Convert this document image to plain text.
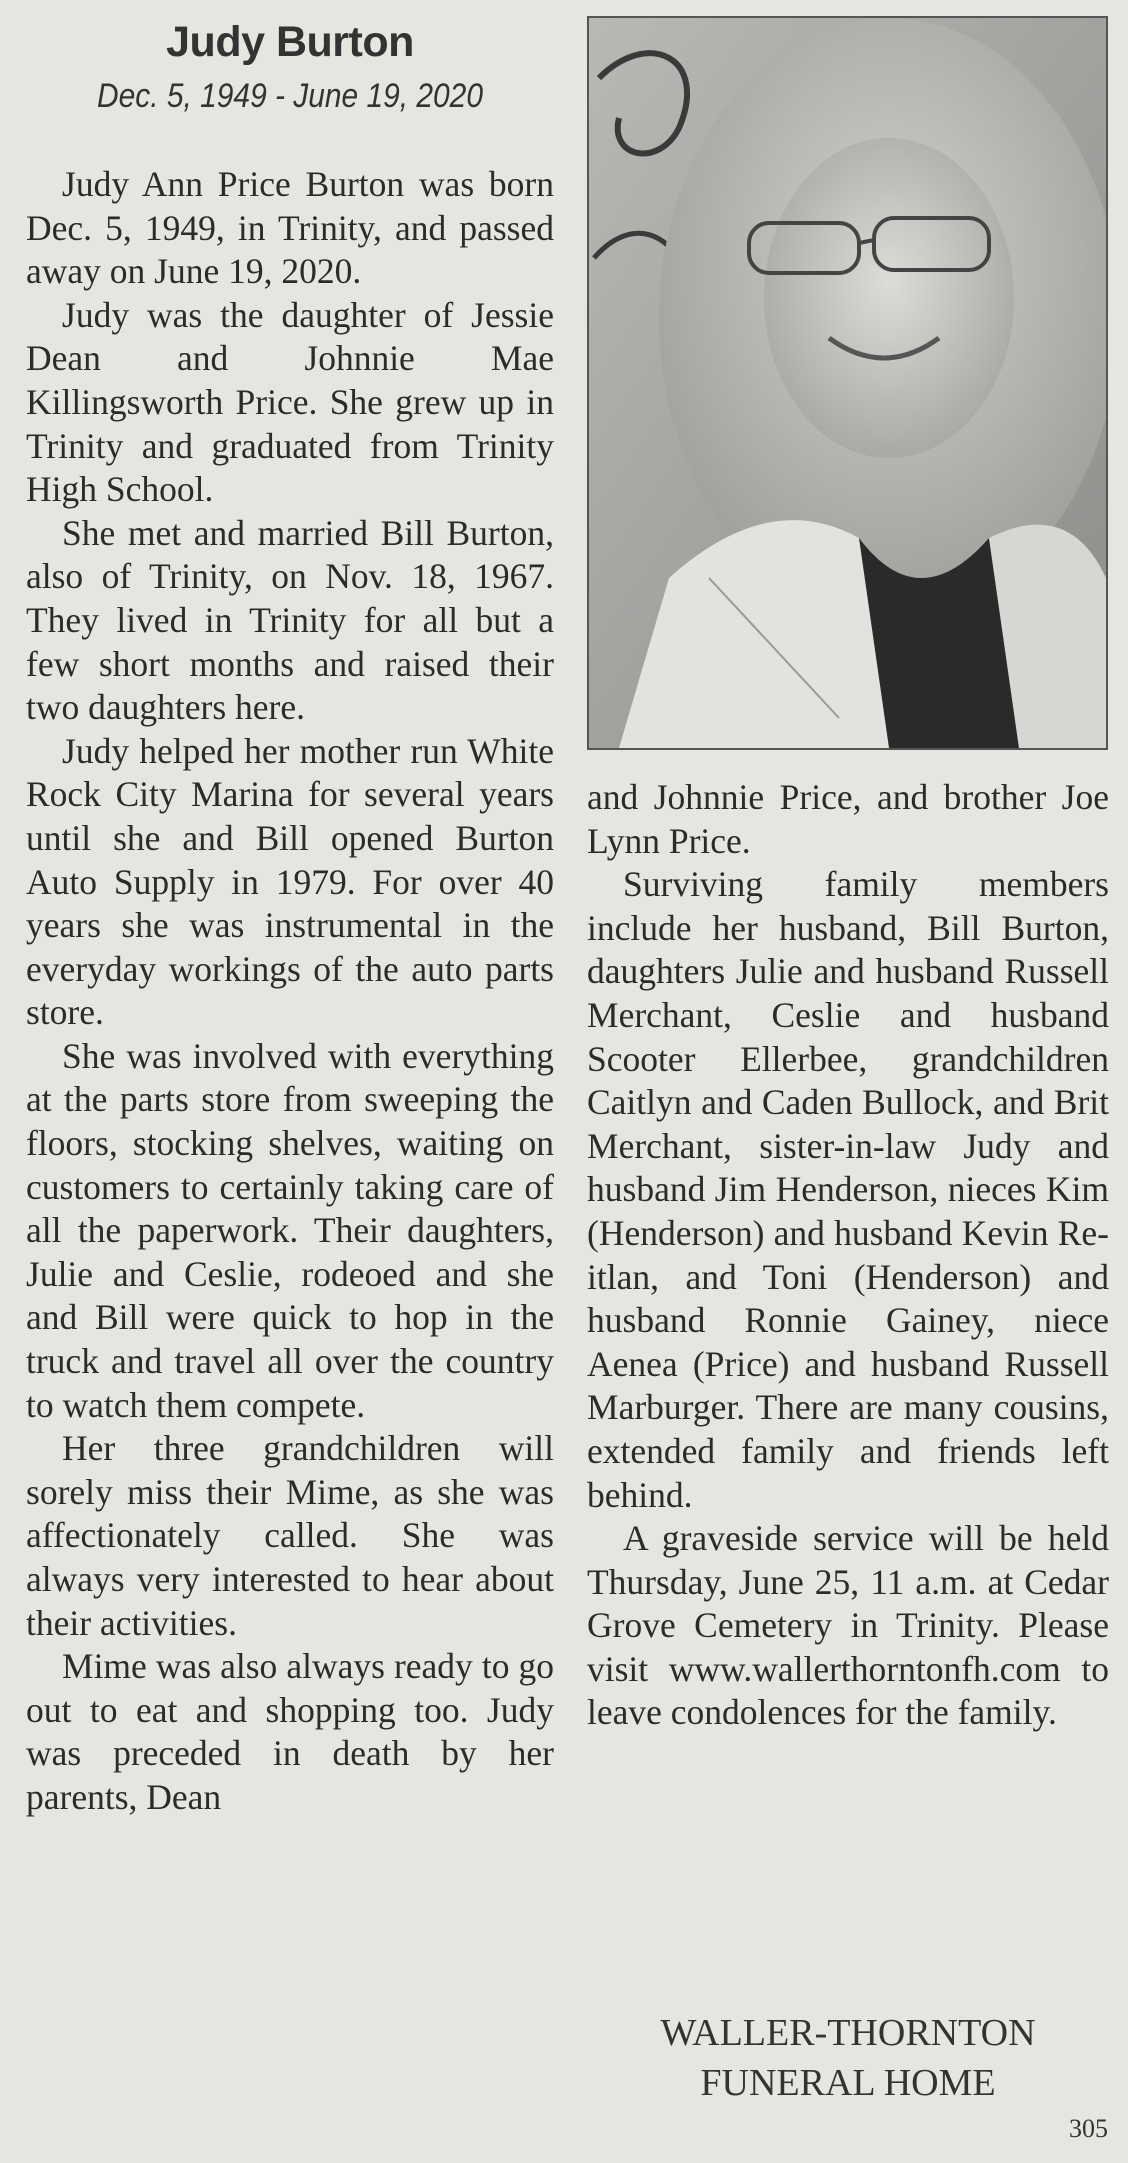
Judy Burton
Dec. 5, 1949 - June 19, 2020

Judy Ann Price Burton was born Dec. 5, 1949, in Trinity, and passed away on June 19, 2020.

Judy was the daughter of Jessie Dean and Johnnie Mae Killingsworth Price. She grew up in Trinity and graduated from Trinity High School.

She met and married Bill Burton, also of Trinity, on Nov. 18, 1967. They lived in Trinity for all but a few short months and raised their two daughters here.

Judy helped her mother run White Rock City Marina for several years until she and Bill opened Burton Auto Supply in 1979. For over 40 years she was instrumental in the everyday workings of the auto parts store.

She was involved with everything at the parts store from sweeping the floors, stocking shelves, waiting on customers to certainly taking care of all the paperwork. Their daughters, Julie and Ceslie, rodeoed and she and Bill were quick to hop in the truck and travel all over the country to watch them compete.

Her three grandchildren will sorely miss their Mime, as she was affectionately called. She was always very interested to hear about their activities.

Mime was also always ready to go out to eat and shopping too. Judy was preceded in death by her parents, Dean

and Johnnie Price, and brother Joe Lynn Price.

Surviving family members include her husband, Bill Burton, daughters Julie and husband Russell Merchant, Ceslie and husband Scooter Ellerbee, grandchildren Caitlyn and Caden Bullock, and Brit Merchant, sister-in-law Judy and husband Jim Henderson, nieces Kim (Henderson) and husband Kevin Reitlan, and Toni (Henderson) and husband Ronnie Gainey, niece Aenea (Price) and husband Russell Marburger. There are many cousins, extended family and friends left behind.

A graveside service will be held Thursday, June 25, 11 a.m. at Cedar Grove Cemetery in Trinity. Please visit www.wallerthorntonfh.com to leave condolences for the family.

WALLER-THORNTON
FUNERAL HOME
305
